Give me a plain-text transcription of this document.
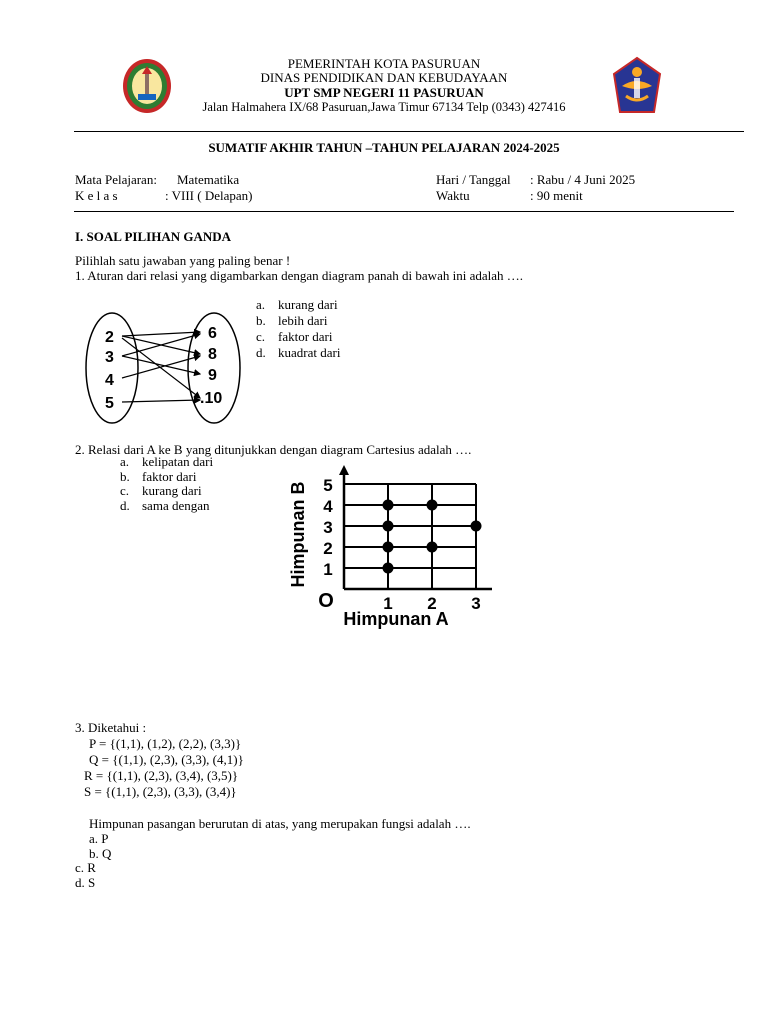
PEMERINTAH KOTA PASURUAN
DINAS PENDIDIKAN DAN KEBUDAYAAN
UPT SMP NEGERI 11 PASURUAN
Jalan Halmahera IX/68 Pasuruan,Jawa Timur 67134 Telp (0343) 427416
SUMATIF AKHIR TAHUN –TAHUN PELAJARAN 2024-2025
Mata Pelajaran: Matematika
K e l a s	: VIII ( Delapan)
Hari / Tanggal : Rabu / 4 Juni 2025
Waktu	: 90 menit
I. SOAL PILIHAN GANDA
Pilihlah satu jawaban yang paling benar !
1. Aturan dari relasi yang digambarkan dengan diagram panah di bawah ini adalah ….
a. kurang dari
b. lebih dari
c. faktor dari
d. kuadrat dari
2
3
4
5
6
8
9
.10
2. Relasi dari A ke B yang ditunjukkan dengan diagram Cartesius adalah ….
a. kelipatan dari
b. faktor dari
c. kurang dari
d. sama dengan
1 2 3
1
2
3
4
5
O
Himpunan A
Himpunan B
3. Diketahui :
P = {(1,1), (1,2), (2,2), (3,3)}
Q = {(1,1), (2,3), (3,3), (4,1)}
R = {(1,1), (2,3), (3,4), (3,5)}
S = {(1,1), (2,3), (3,3), (3,4)}
Himpunan pasangan berurutan di atas, yang merupakan fungsi adalah ….
a. P
b. Q
c. R
d. S
